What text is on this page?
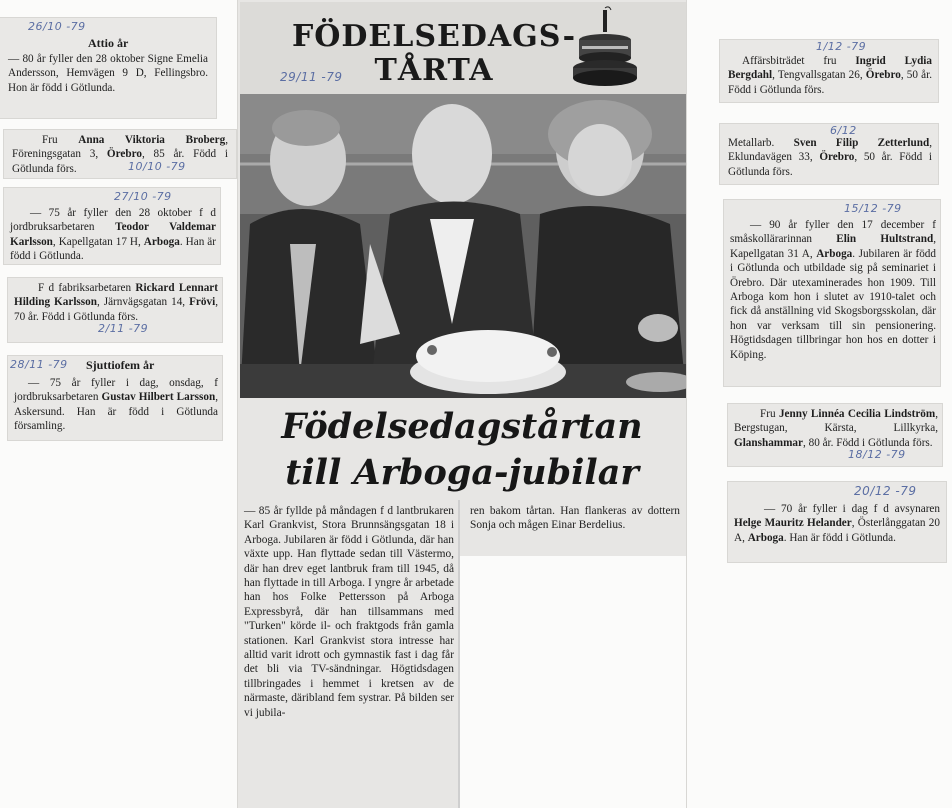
26/10 -79
Attio år

— 80 år fyller den 28 oktober Signe Emelia Andersson, Hemvägen 9 D, Fellingsbro. Hon är född i Götlunda.

Fru Anna Viktoria Broberg, Föreningsgatan 3, Örebro, 85 år. Född i Götlunda förs.	10/10 -79
27/10 -79

— 75 år fyller den 28 oktober f d jordbruksarbetaren Teodor Valdemar Karlsson, Kapellgatan 17 H, Arboga. Han är född i Götlunda.

F d fabriksarbetaren Rickard Lennart Hilding Karlsson, Järnvägsgatan 14, Frövi, 70 år. Född i Götlunda förs.

2/11 -79
28/11 -79 Sjuttiofem år

— 75 år fyller i dag, onsdag, f jordbruksarbetaren Gustav Hilbert Larsson, Askersund. Han är född i Götlunda församling.

FÖDELSEDAGS-TÅRTA
29/11 -79
Födelsedagstårtan till Arboga-jubilar
— 85 år fyllde på måndagen f d lantbrukaren Karl Grankvist, Stora Brunnsängsgatan 18 i Arboga. Jubilaren är född i Götlunda, där han växte upp. Han flyttade sedan till Västermo, där han drev eget lantbruk fram till 1945, då han flyttade in till Arboga. I yngre år arbetade han hos Folke Pettersson på Arboga Expressbyrå, där han tillsammans med "Turken" körde il- och fraktgods från gamla stationen. Karl Grankvist stora intresse har alltid varit idrott och gymnastik fast i dag får det bli via TV-sändningar. Högtidsdagen tillbringades i hemmet i kretsen av de närmaste, däribland fem systrar. På bilden ser vi jubila-
ren bakom tårtan. Han flankeras av dottern Sonja och mågen Einar Berdelius.
1/12 -79

Affärsbiträdet fru Ingrid Lydia Bergdahl, Tengvallsgatan 26, Örebro, 50 år. Född i Götlunda förs.

6/12

Metallarb. Sven Filip Zetterlund, Eklundavägen 33, Örebro, 50 år. Född i Götlunda förs.

15/12 -79

— 90 år fyller den 17 december f småskollärarinnan Elin Hultstrand, Kapellgatan 31 A, Arboga. Jubilaren är född i Götlunda och utbildade sig på seminariet i Örebro. Där utexaminerades hon 1909. Till Arboga kom hon i slutet av 1910-talet och fick då anställning vid Skogsborgsskolan, där hon var verksam till sin pensionering. Högtidsdagen tillbringar hon hos en dotter i Köping.

Fru Jenny Linnéa Cecilia Lindström, Bergstugan, Kärsta, Lillkyrka, Glanshammar, 80 år. Född i Götlunda förs.

18/12 -79
20/12 -79

— 70 år fyller i dag f d avsynaren Helge Mauritz Helander, Österlånggatan 20 A, Arboga. Han är född i Götlunda.
